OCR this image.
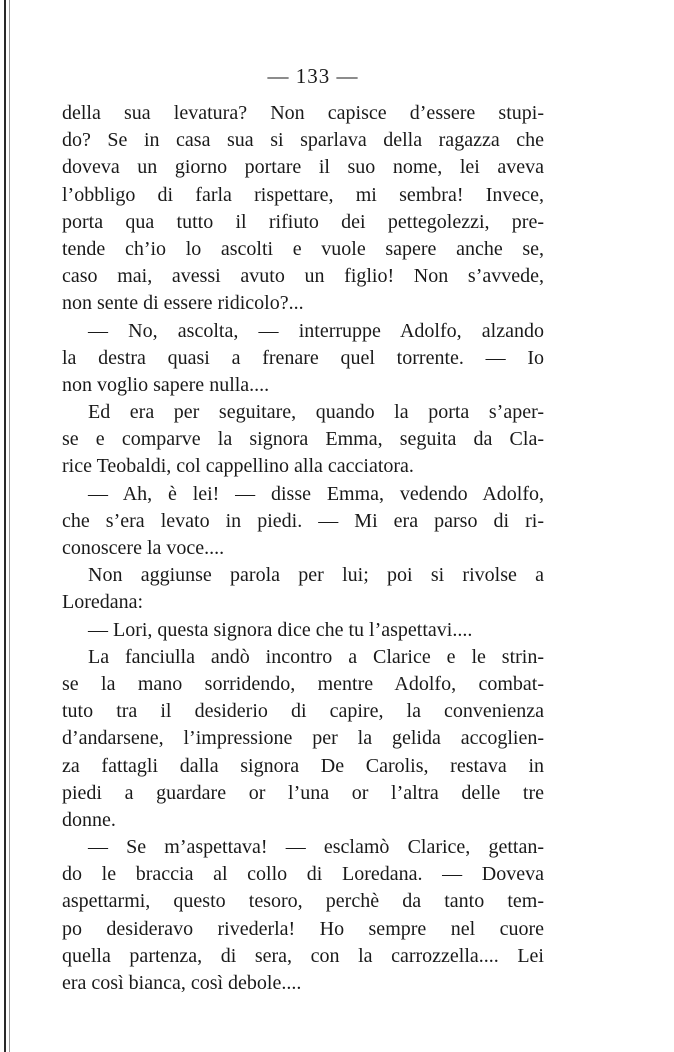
— 133 —
della sua levatura? Non capisce d’essere stupi-
do? Se in casa sua si sparlava della ragazza che
doveva un giorno portare il suo nome, lei aveva
l’obbligo di farla rispettare, mi sembra! Invece,
porta qua tutto il rifiuto dei pettegolezzi, pre-
tende ch’io lo ascolti e vuole sapere anche se,
caso mai, avessi avuto un figlio! Non s’avvede,
non sente di essere ridicolo?...
— No, ascolta, — interruppe Adolfo, alzando
la destra quasi a frenare quel torrente. — Io
non voglio sapere nulla....
Ed era per seguitare, quando la porta s’aper-
se e comparve la signora Emma, seguita da Cla-
rice Teobaldi, col cappellino alla cacciatora.
— Ah, è lei! — disse Emma, vedendo Adolfo,
che s’era levato in piedi. — Mi era parso di ri-
conoscere la voce....
Non aggiunse parola per lui; poi si rivolse a
Loredana:
— Lori, questa signora dice che tu l’aspettavi....
La fanciulla andò incontro a Clarice e le strin-
se la mano sorridendo, mentre Adolfo, combat-
tuto tra il desiderio di capire, la convenienza
d’andarsene, l’impressione per la gelida accoglien-
za fattagli dalla signora De Carolis, restava in
piedi a guardare or l’una or l’altra delle tre
donne.
— Se m’aspettava! — esclamò Clarice, gettan-
do le braccia al collo di Loredana. — Doveva
aspettarmi, questo tesoro, perchè da tanto tem-
po desideravo rivederla! Ho sempre nel cuore
quella partenza, di sera, con la carrozzella.... Lei
era così bianca, così debole....
